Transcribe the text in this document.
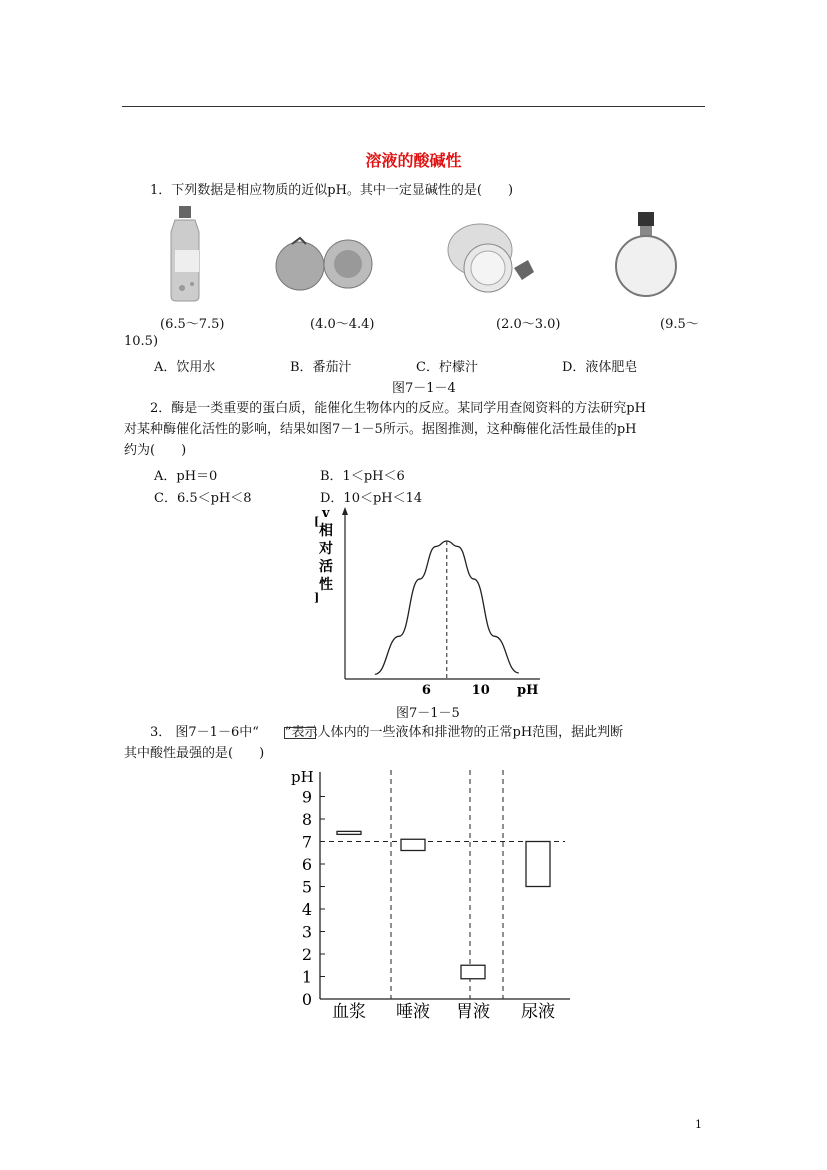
溶液的酸碱性
1．下列数据是相应物质的近似pH。其中一定显碱性的是(　　)
(6.5～7.5)	(4.0～4.4)	(2.0～3.0)	(9.5～
10.5)
A．饮用水	B．番茄汁	C．柠檬汁	D．液体肥皂
图7－1－4
2．酶是一类重要的蛋白质，能催化生物体内的反应。某同学用查阅资料的方法研究pH
对某种酶催化活性的影响，结果如图7－1－5所示。据图推测，这种酶催化活性最佳的pH
约为(　　)
A．pH＝0	B．1＜pH＜6
C．6.5＜pH＜8	D．10＜pH＜14
v
[
相对活性
]
6	10 pH
图7－1－5
3． 图7－1－6中“　　”表示人体内的一些液体和排泄物的正常pH范围，据此判断
其中酸性最强的是(　　)
pH
0
1
2
3
4
5
6
7
8
9
血浆 唾液 胃液 尿液
1
